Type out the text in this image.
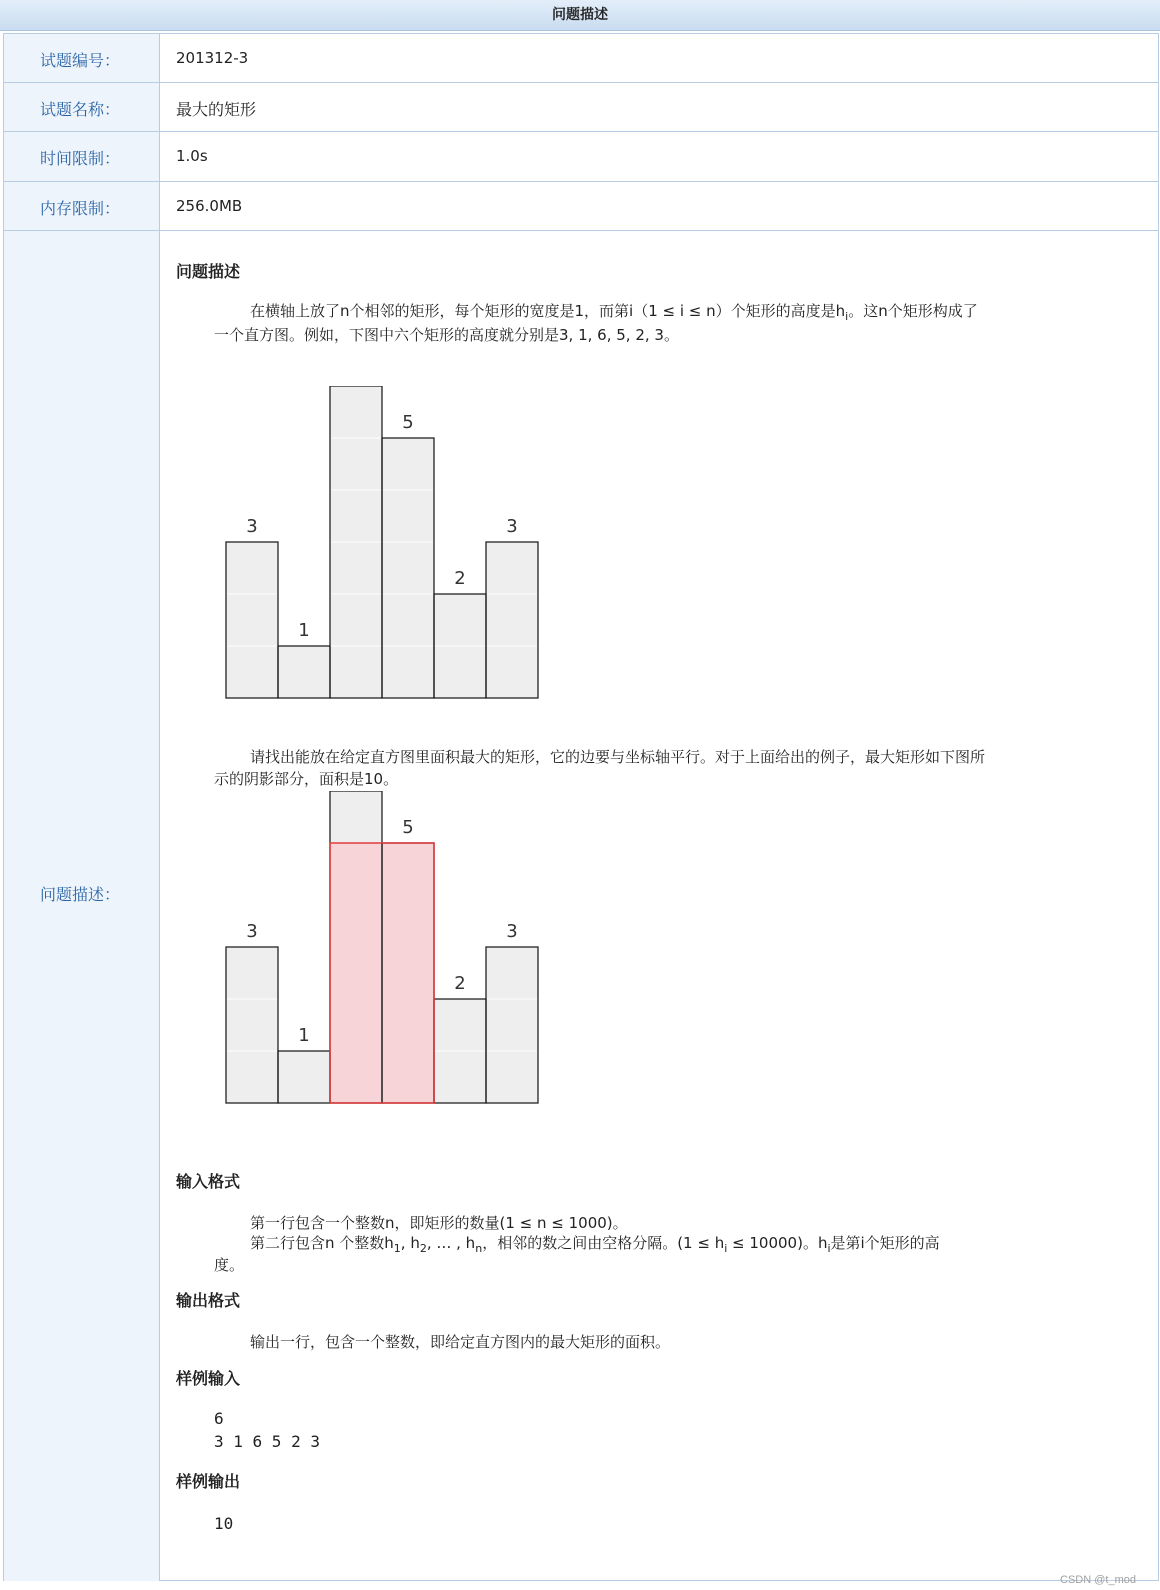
问题描述
试题编号：	201312-3
试题名称：	最大的矩形
时间限制：	1.0s
内存限制：	256.0MB
问题描述：
问题描述
在横轴上放了n个相邻的矩形，每个矩形的宽度是1，而第i（1 ≤ i ≤ n）个矩形的高度是$h_i$。这n个矩形构成了
一个直方图。例如，下图中六个矩形的高度就分别是3, 1, 6, 5, 2, 3。
3
1
5
2
3
请找出能放在给定直方图里面积最大的矩形，它的边要与坐标轴平行。对于上面给出的例子，最大矩形如下图所
示的阴影部分，面积是10。
3
1
5
2
3
输入格式
第一行包含一个整数n，即矩形的数量(1 ≤ n ≤ 1000)。
第二行包含n 个整数$h_1$, $h_2$, … , $h_n$，相邻的数之间由空格分隔。$(1 \le h_i \le 10000)$。$h_i$是第i个矩形的高
度。
输出格式
输出一行，包含一个整数，即给定直方图内的最大矩形的面积。
样例输入
6
3 1 6 5 2 3
样例输出
10
CSDN @t_mod
